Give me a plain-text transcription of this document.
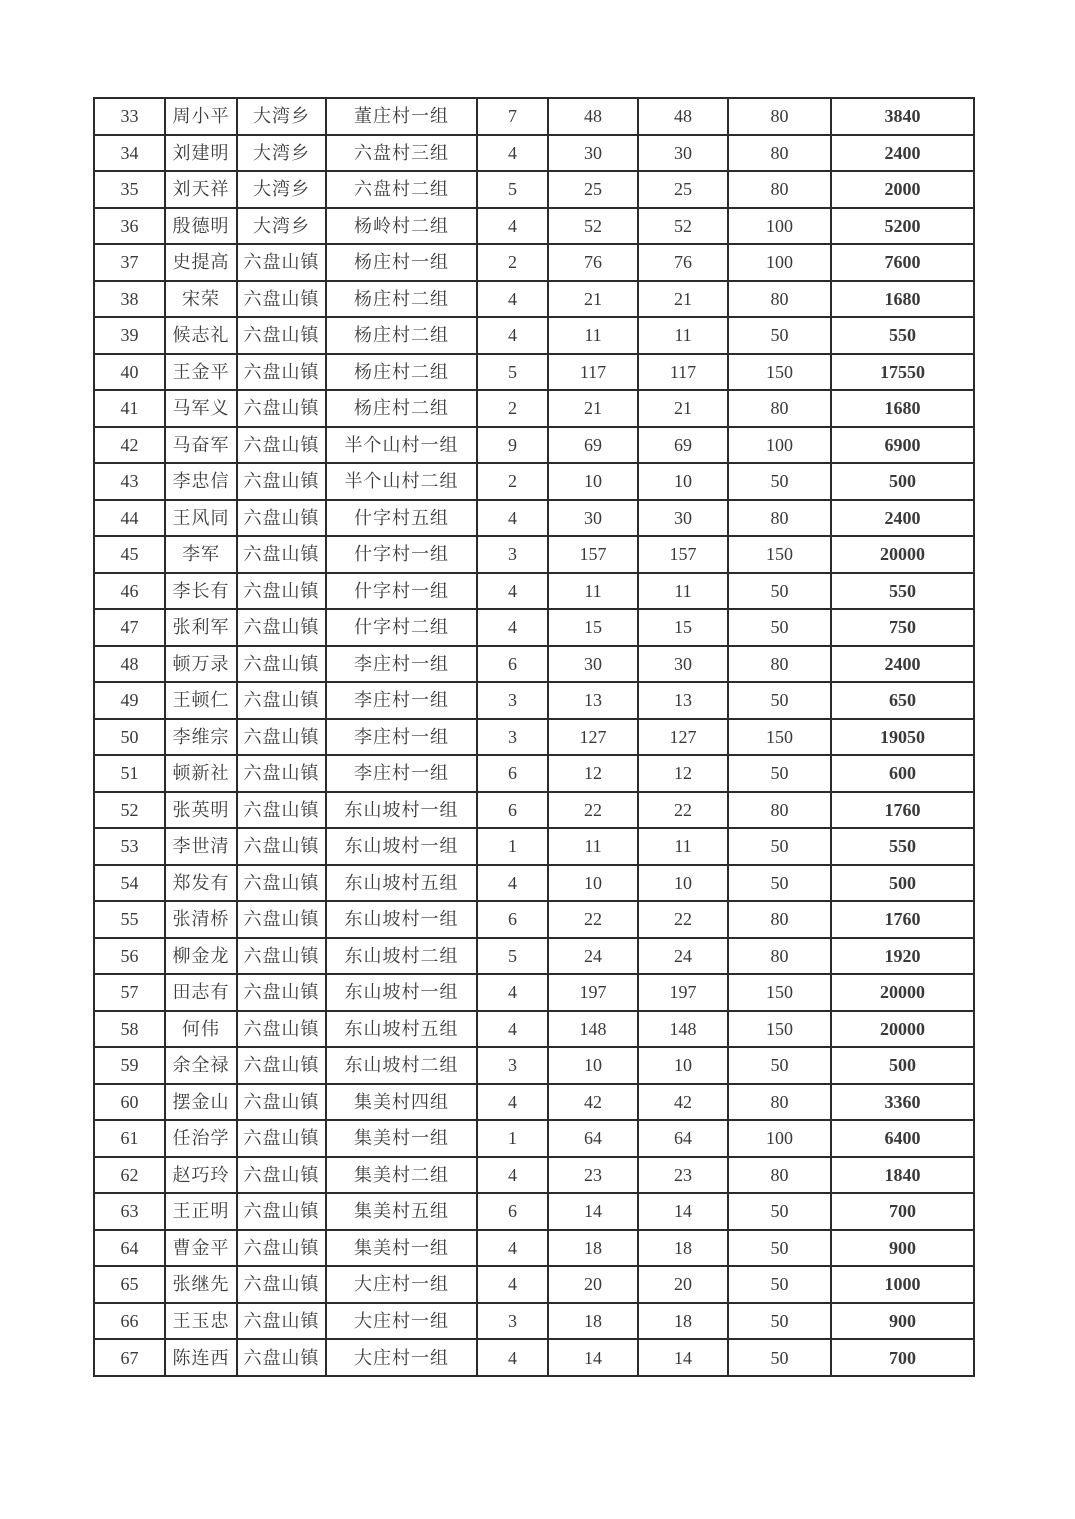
33	周小平	大湾乡	董庄村一组	7	48	48	80	3840
34	刘建明	大湾乡	六盘村三组	4	30	30	80	2400
35	刘天祥	大湾乡	六盘村二组	5	25	25	80	2000
36	殷德明	大湾乡	杨岭村二组	4	52	52	100	5200
37	史提高	六盘山镇	杨庄村一组	2	76	76	100	7600
38	宋荣	六盘山镇	杨庄村二组	4	21	21	80	1680
39	候志礼	六盘山镇	杨庄村二组	4	11	11	50	550
40	王金平	六盘山镇	杨庄村二组	5	117	117	150	17550
41	马军义	六盘山镇	杨庄村二组	2	21	21	80	1680
42	马奋军	六盘山镇	半个山村一组	9	69	69	100	6900
43	李忠信	六盘山镇	半个山村二组	2	10	10	50	500
44	王风同	六盘山镇	什字村五组	4	30	30	80	2400
45	李军	六盘山镇	什字村一组	3	157	157	150	20000
46	李长有	六盘山镇	什字村一组	4	11	11	50	550
47	张利军	六盘山镇	什字村二组	4	15	15	50	750
48	顿万录	六盘山镇	李庄村一组	6	30	30	80	2400
49	王顿仁	六盘山镇	李庄村一组	3	13	13	50	650
50	李维宗	六盘山镇	李庄村一组	3	127	127	150	19050
51	顿新社	六盘山镇	李庄村一组	6	12	12	50	600
52	张英明	六盘山镇	东山坡村一组	6	22	22	80	1760
53	李世清	六盘山镇	东山坡村一组	1	11	11	50	550
54	郑发有	六盘山镇	东山坡村五组	4	10	10	50	500
55	张清桥	六盘山镇	东山坡村一组	6	22	22	80	1760
56	柳金龙	六盘山镇	东山坡村二组	5	24	24	80	1920
57	田志有	六盘山镇	东山坡村一组	4	197	197	150	20000
58	何伟	六盘山镇	东山坡村五组	4	148	148	150	20000
59	余全禄	六盘山镇	东山坡村二组	3	10	10	50	500
60	摆金山	六盘山镇	集美村四组	4	42	42	80	3360
61	任治学	六盘山镇	集美村一组	1	64	64	100	6400
62	赵巧玲	六盘山镇	集美村二组	4	23	23	80	1840
63	王正明	六盘山镇	集美村五组	6	14	14	50	700
64	曹金平	六盘山镇	集美村一组	4	18	18	50	900
65	张继先	六盘山镇	大庄村一组	4	20	20	50	1000
66	王玉忠	六盘山镇	大庄村一组	3	18	18	50	900
67	陈连西	六盘山镇	大庄村一组	4	14	14	50	700
